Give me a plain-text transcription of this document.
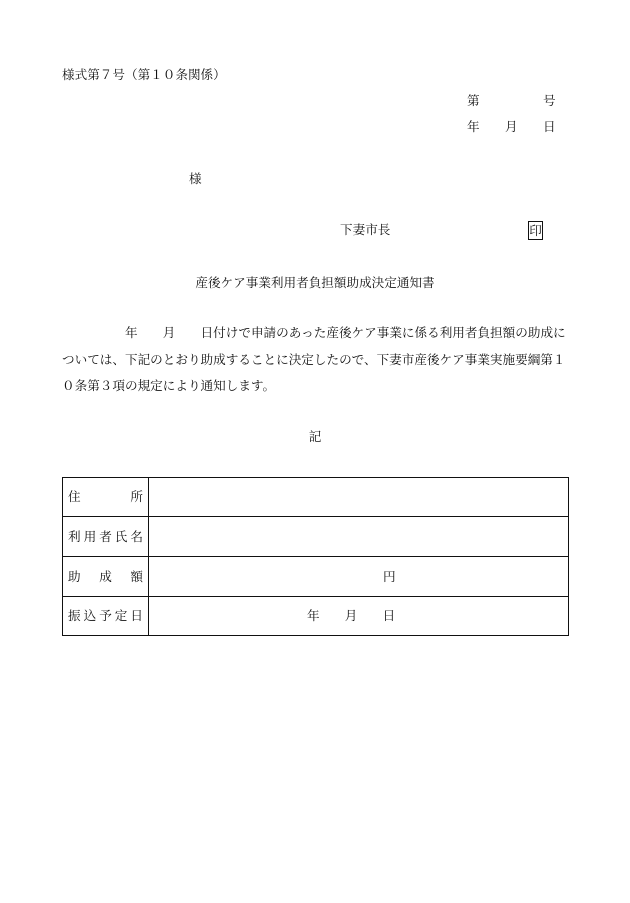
様式第７号（第１０条関係）
第	号
年 月 日
様
下妻市長	印
産後ケア事業利用者負担額助成決定通知書
年　　月　　日付けで申請のあった産後ケア事業に係る利用者負担額の助成に
ついては、下記のとおり助成することに決定したので、下妻市産後ケア事業実施要綱第１
０条第３項の規定により通知します。
記
住	所
利 用 者 氏 名
助 成 額	円
振 込 予 定 日	年　　月　　日
